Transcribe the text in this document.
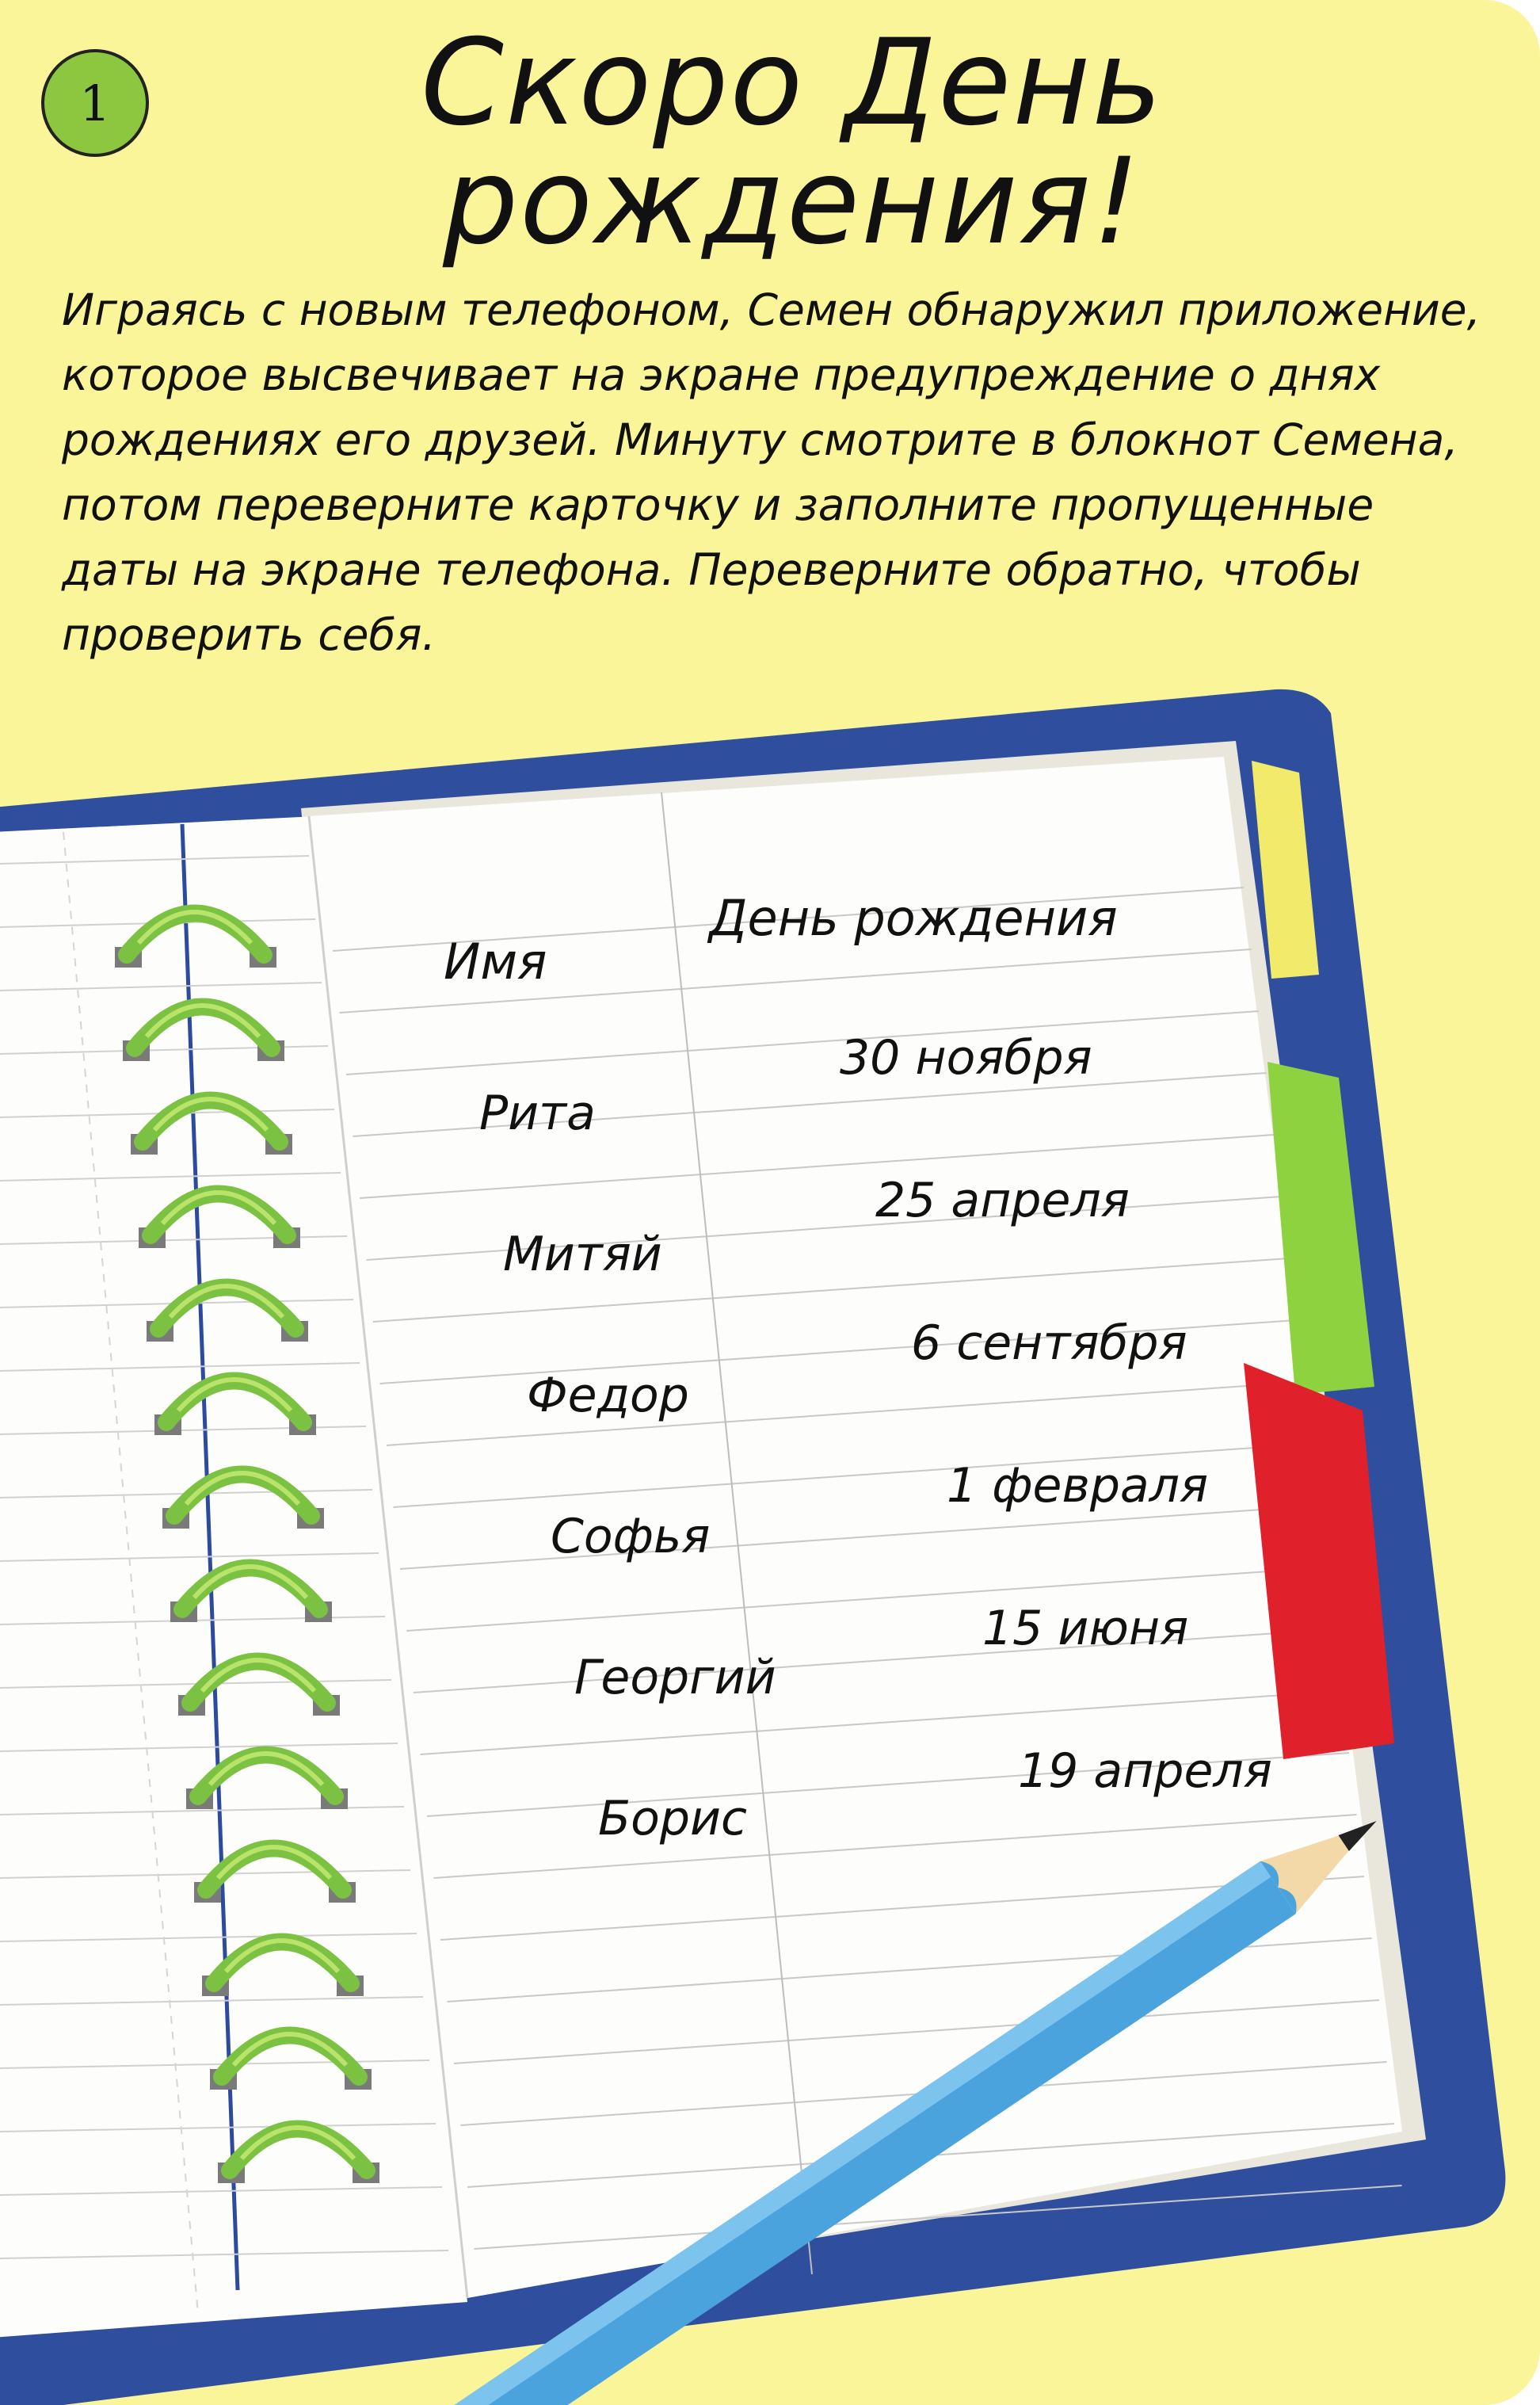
Имя
День рождения
Рита
30 ноября
Митяй
25 апреля
Федор
6 сентября
Софья
1 февраля
Георгий
15 июня
Борис
19 апреля
1	Скоро День
рождения!
Играясь с новым телефоном, Семен обнаружил приложение, которое высвечивает на экране предупреждение о днях рождениях его друзей. Минуту смотрите в блокнот Семена, потом переверните карточку и заполните пропущенные даты на экране телефона. Переверните обратно, чтобы проверить себя.
